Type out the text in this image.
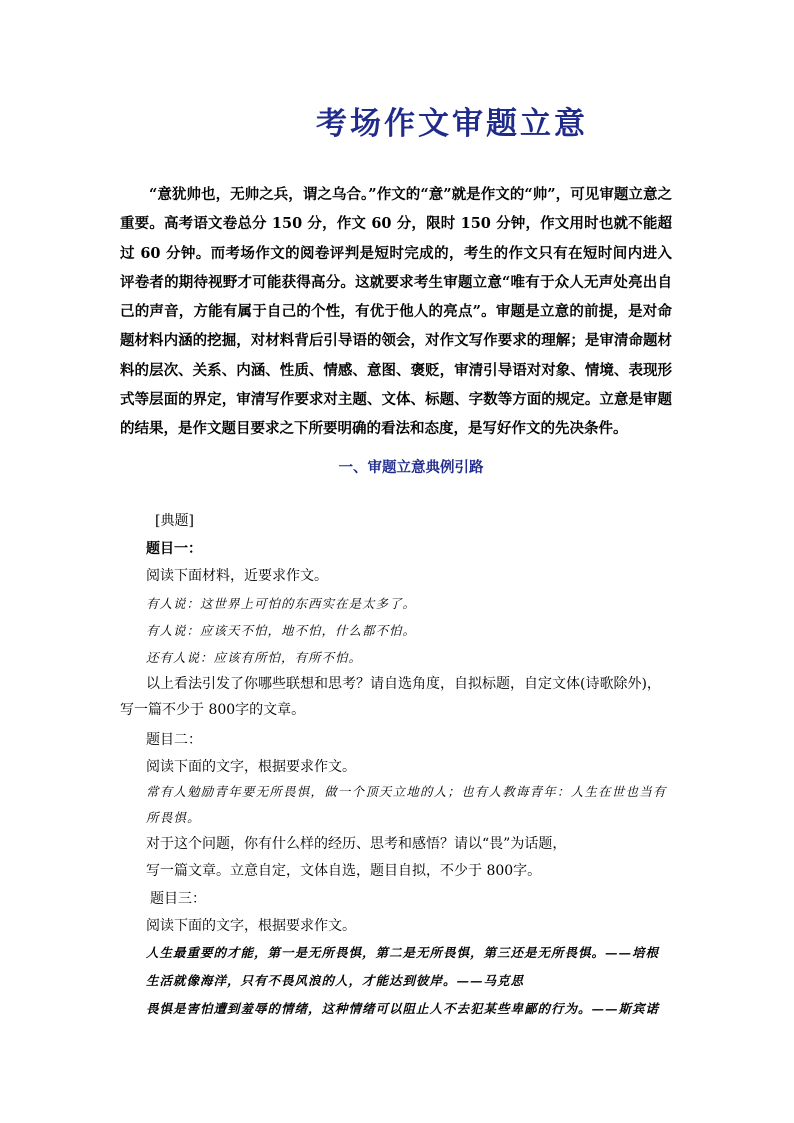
考场作文审题立意

“意犹帅也，无帅之兵，谓之乌合。”作文的“意”就是作文的“帅”，可见审题立意之重要。高考语文卷总分 150 分，作文 60 分，限时 150 分钟，作文用时也就不能超过 60 分钟。而考场作文的阅卷评判是短时完成的，考生的作文只有在短时间内进入评卷者的期待视野才可能获得高分。这就要求考生审题立意“唯有于众人无声处亮出自己的声音，方能有属于自己的个性，有优于他人的亮点”。审题是立意的前提，是对命题材料内涵的挖掘，对材料背后引导语的领会，对作文写作要求的理解；是审清命题材料的层次、关系、内涵、性质、情感、意图、褒贬，审清引导语对对象、情境、表现形式等层面的界定，审清写作要求对主题、文体、标题、字数等方面的规定。立意是审题的结果，是作文题目要求之下所要明确的看法和态度，是写好作文的先决条件。

一、审题立意典例引路
[典题]
题目一：
阅读下面材料，近要求作文。
有人说：这世界上可怕的东西实在是太多了。
有人说：应该天不怕，地不怕，什么都不怕。
还有人说：应该有所怕，有所不怕。

以上看法引发了你哪些联想和思考？请自选角度，自拟标题，自定文体(诗歌除外)，写一篇不少于 800字的文章。

题目二：
阅读下面的文字，根据要求作文。

常有人勉励青年要无所畏惧，做一个顶天立地的人；也有人教诲青年：人生在世也当有所畏惧。

对于这个问题，你有什么样的经历、思考和感悟？请以“畏”为话题，
写一篇文章。立意自定，文体自选，题目自拟，不少于 800字。
题目三：
阅读下面的文字，根据要求作文。

人生最重要的才能，第一是无所畏惧，第二是无所畏惧，第三还是无所畏惧。——培根 生活就像海洋，只有不畏风浪的人，才能达到彼岸。——马克思

畏惧是害怕遭到羞辱的情绪，这种情绪可以阻止人不去犯某些卑鄙的行为。——斯宾诺
